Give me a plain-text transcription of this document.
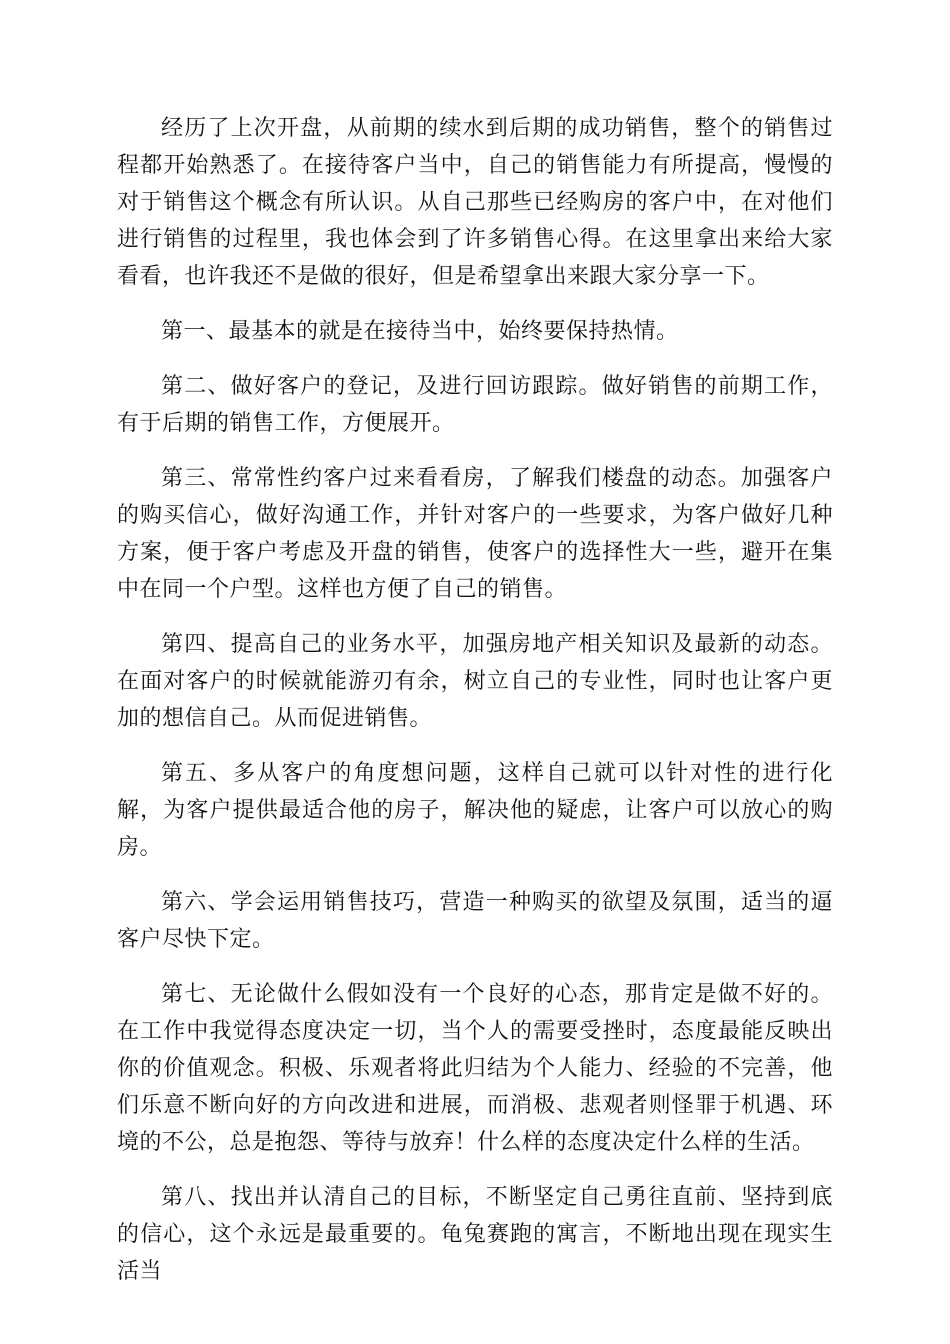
经历了上次开盘，从前期的续水到后期的成功销售，整个的销售过程都开始熟悉了。在接待客户当中，自己的销售能力有所提高，慢慢的对于销售这个概念有所认识。从自己那些已经购房的客户中，在对他们进行销售的过程里，我也体会到了许多销售心得。在这里拿出来给大家看看，也许我还不是做的很好，但是希望拿出来跟大家分享一下。

第一、最基本的就是在接待当中，始终要保持热情。

第二、做好客户的登记，及进行回访跟踪。做好销售的前期工作，有于后期的销售工作，方便展开。

第三、常常性约客户过来看看房，了解我们楼盘的动态。加强客户的购买信心，做好沟通工作，并针对客户的一些要求，为客户做好几种方案，便于客户考虑及开盘的销售，使客户的选择性大一些，避开在集中在同一个户型。这样也方便了自己的销售。

第四、提高自己的业务水平，加强房地产相关知识及最新的动态。在面对客户的时候就能游刃有余，树立自己的专业性，同时也让客户更加的想信自己。从而促进销售。

第五、多从客户的角度想问题，这样自己就可以针对性的进行化解，为客户提供最适合他的房子，解决他的疑虑，让客户可以放心的购房。

第六、学会运用销售技巧，营造一种购买的欲望及氛围，适当的逼客户尽快下定。

第七、无论做什么假如没有一个良好的心态，那肯定是做不好的。在工作中我觉得态度决定一切，当个人的需要受挫时，态度最能反映出你的价值观念。积极、乐观者将此归结为个人能力、经验的不完善，他们乐意不断向好的方向改进和进展，而消极、悲观者则怪罪于机遇、环境的不公，总是抱怨、等待与放弃！什么样的态度决定什么样的生活。

第八、找出并认清自己的目标，不断坚定自己勇往直前、坚持到底的信心，这个永远是最重要的。龟兔赛跑的寓言，不断地出现在现实生活当
